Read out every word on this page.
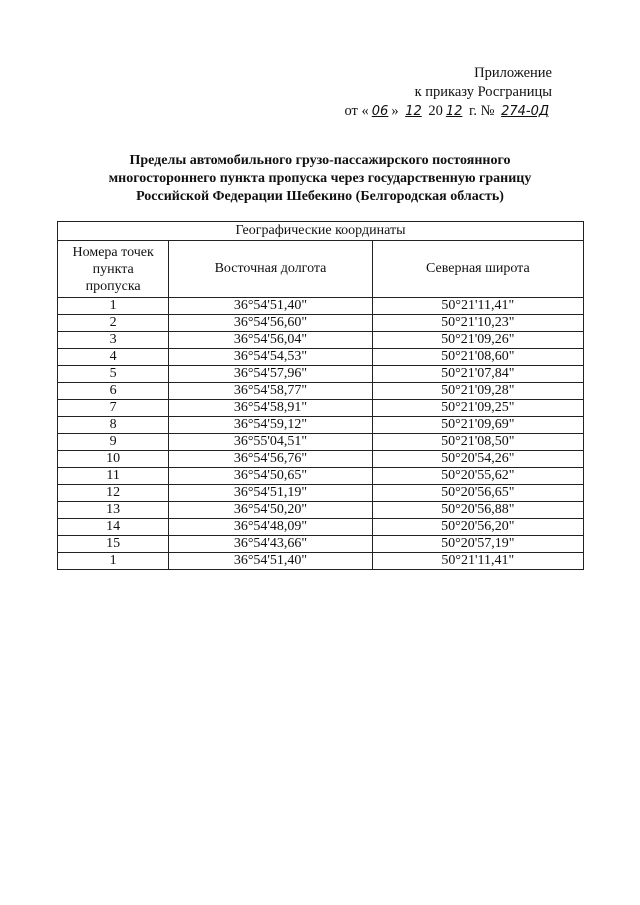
Приложение
к приказу Росграницы
от « 06 » 12 20 12 г. № 274-0Д
Пределы автомобильного грузо-пассажирского постоянного
многостороннего пункта пропуска через государственную границу
Российской Федерации Шебекино (Белгородская область)
Географические координаты		

Номера точек
пункта
пропуска	Восточная долгота	Северная широта
1	36°54'51,40"	50°21'11,41"
2	36°54'56,60"	50°21'10,23"
3	36°54'56,04"	50°21'09,26"
4	36°54'54,53"	50°21'08,60"
5	36°54'57,96"	50°21'07,84"
6	36°54'58,77"	50°21'09,28"
7	36°54'58,91"	50°21'09,25"
8	36°54'59,12"	50°21'09,69"
9	36°55'04,51"	50°21'08,50"
10	36°54'56,76"	50°20'54,26"
11	36°54'50,65"	50°20'55,62"
12	36°54'51,19"	50°20'56,65"
13	36°54'50,20"	50°20'56,88"
14	36°54'48,09"	50°20'56,20"
15	36°54'43,66"	50°20'57,19"
1	36°54'51,40"	50°21'11,41"
